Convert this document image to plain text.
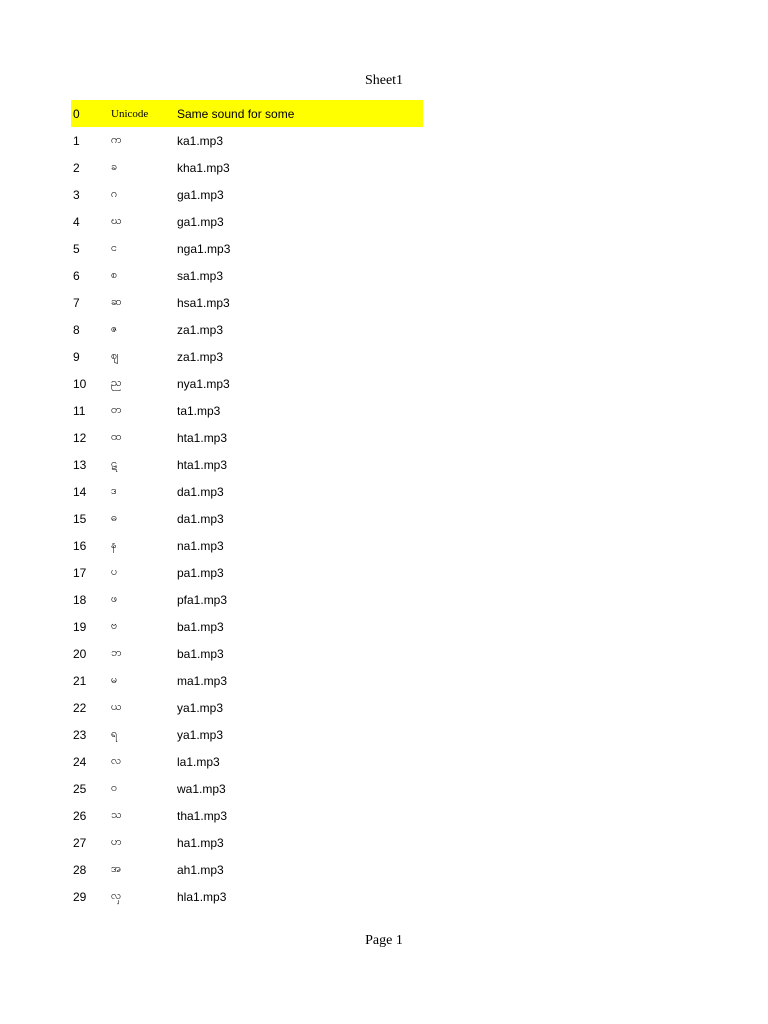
Sheet1
0	Unicode	Same sound for some
1	က	ka1.mp3
2	ခ	kha1.mp3
3	ဂ	ga1.mp3
4	ဃ	ga1.mp3
5	င	nga1.mp3
6	စ	sa1.mp3
7	ဆ	hsa1.mp3
8	ဇ	za1.mp3
9	ဈ	za1.mp3
10	ည	nya1.mp3
11	တ	ta1.mp3
12	ထ	hta1.mp3
13	ဋ	hta1.mp3
14	ဒ	da1.mp3
15	ဓ	da1.mp3
16	န	na1.mp3
17	ပ	pa1.mp3
18	ဖ	pfa1.mp3
19	ဗ	ba1.mp3
20	ဘ	ba1.mp3
21	မ	ma1.mp3
22	ယ	ya1.mp3
23	ရ	ya1.mp3
24	လ	la1.mp3
25	ဝ	wa1.mp3
26	သ	tha1.mp3
27	ဟ	ha1.mp3
28	အ	ah1.mp3
29	လှ	hla1.mp3
Page 1
